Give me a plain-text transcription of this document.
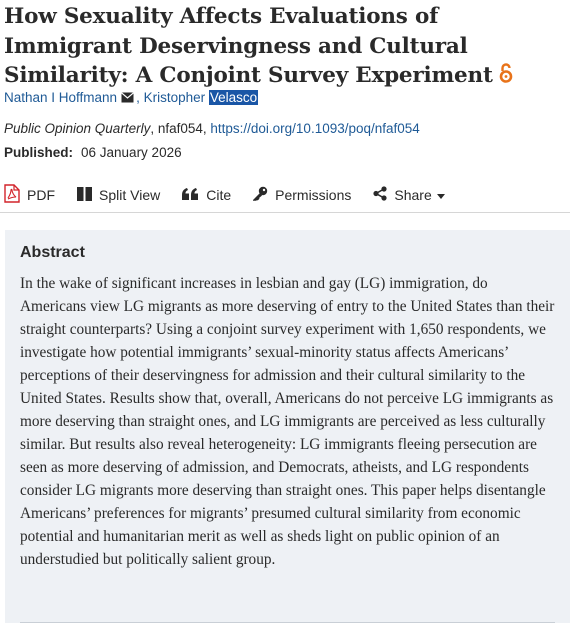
How Sexuality Affects Evaluations of Immigrant Deservingness and Cultural Similarity: A Conjoint Survey Experiment
Nathan I Hoffmann , Kristopher Velasco
Public Opinion Quarterly, nfaf054, https://doi.org/10.1093/poq/nfaf054
Published: 06 January 2026
PDF	Split View	Cite	Permissions	Share
Abstract

In the wake of significant increases in lesbian and gay (LG) immigration, do Americans view LG migrants as more deserving of entry to the United States than their straight counterparts? Using a conjoint survey experiment with 1,650 respondents, we investigate how potential immigrants’ sexual-minority status affects Americans’ perceptions of their deservingness for admission and their cultural similarity to the United States. Results show that, overall, Americans do not perceive LG immigrants as more deserving than straight ones, and LG immigrants are perceived as less culturally similar. But results also reveal heterogeneity: LG immigrants fleeing persecution are seen as more deserving of admission, and Democrats, atheists, and LG respondents consider LG migrants more deserving than straight ones. This paper helps disentangle Americans’ preferences for migrants’ presumed cultural similarity from economic potential and humanitarian merit as well as sheds light on public opinion of an understudied but politically salient group.
